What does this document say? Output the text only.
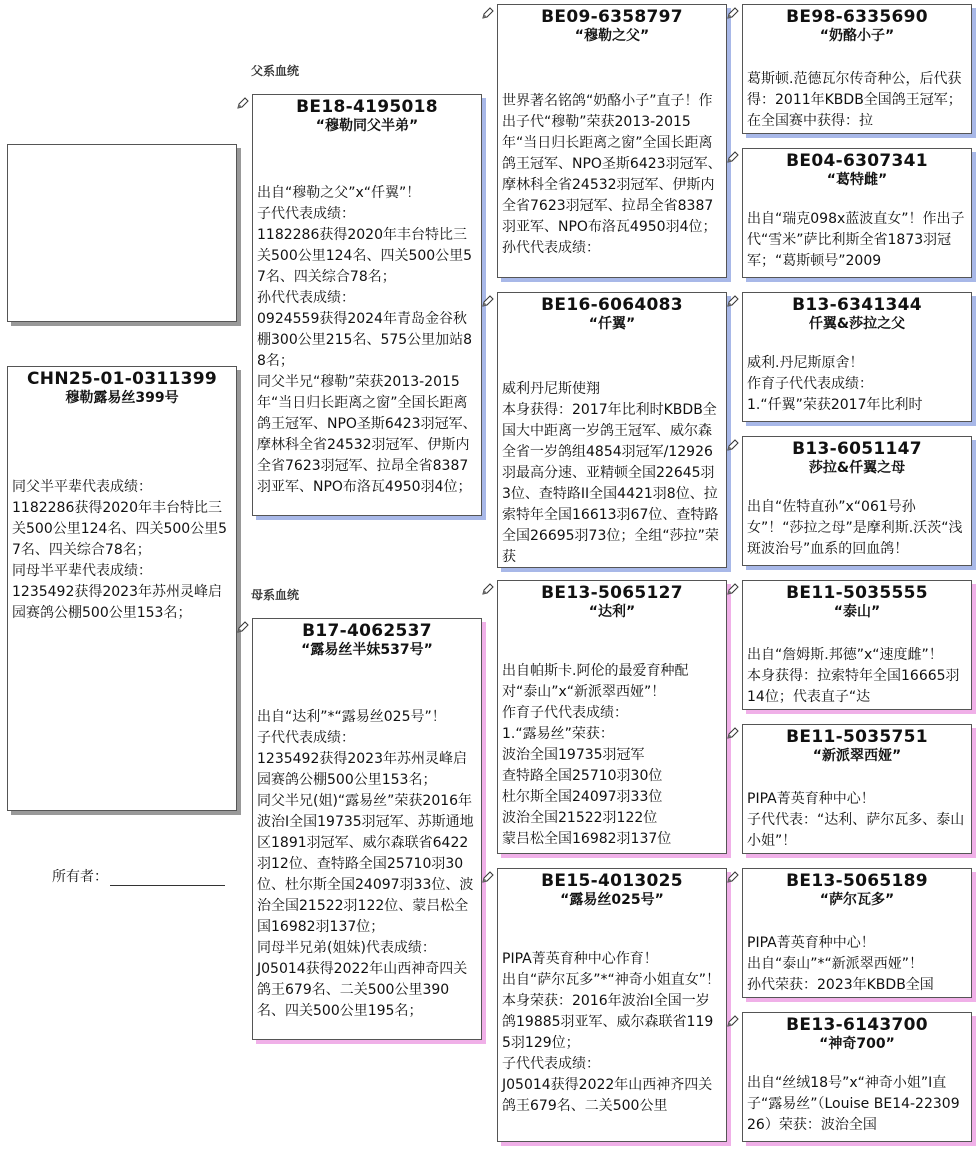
CHN25-01-0311399
穆勒露易丝399号
同父半平辈代表成绩：
1182286获得2020年丰台特比三关500公里124名、四关500公里57名、四关综合78名；
同母半平辈代表成绩：
1235492获得2023年苏州灵峰启园赛鸽公棚500公里153名；
所有者：
父系血统
母系血统
BE18-4195018
“穆勒同父半弟”
出自“穆勒之父”x“仟翼”！
子代代表成绩：
1182286获得2020年丰台特比三关500公里124名、四关500公里57名、四关综合78名；
孙代代表成绩：
0924559获得2024年青岛金谷秋棚300公里215名、575公里加站88名；
同父半兄“穆勒”荣获2013-2015年“当日归长距离之窗”全国长距离鸽王冠军、NPO圣斯6423羽冠军、摩林科全省24532羽冠军、伊斯内全省7623羽冠军、拉昂全省8387羽亚军、NPO布洛瓦4950羽4位；
B17-4062537
“露易丝半妹537号”
出自“达利”*“露易丝025号”！
子代代表成绩：
1235492获得2023年苏州灵峰启园赛鸽公棚500公里153名；
同父半兄(姐)“露易丝”荣获2016年波治I全国19735羽冠军、苏斯通地区1891羽冠军、威尔森联省6422羽12位、查特路全国25710羽30位、杜尔斯全国24097羽33位、波治全国21522羽122位、蒙吕松全国16982羽137位；
同母半兄弟(姐妹)代表成绩：
J05014获得2022年山西神奇四关鸽王679名、二关500公里390名、四关500公里195名；
BE09-6358797
“穆勒之父”
世界著名铭鸽“奶酪小子”直子！作出子代“穆勒”荣获2013-2015年“当日归长距离之窗”全国长距离鸽王冠军、NPO圣斯6423羽冠军、摩林科全省24532羽冠军、伊斯内全省7623羽冠军、拉昂全省8387羽亚军、NPO布洛瓦4950羽4位；
孙代代表成绩：
BE16-6064083
“仟翼”
威利丹尼斯使翔
本身获得：2017年比利时KBDB全国大中距离一岁鸽王冠军、威尔森全省一岁鸽组4854羽冠军/12926羽最高分速、亚精顿全国22645羽3位、查特路II全国4421羽8位、拉索特年全国16613羽67位、查特路全国26695羽73位；全组“莎拉”荣获
BE13-5065127
“达利”
出自帕斯卡.阿伦的最爱育种配对“泰山”x“新派翠西娅”！
作育子代代表成绩：
1.“露易丝”荣获：
波治全国19735羽冠军
查特路全国25710羽30位
杜尔斯全国24097羽33位
波治全国21522羽122位
蒙吕松全国16982羽137位
BE15-4013025
“露易丝025号”
PIPA菁英育种中心作育！
出自“萨尔瓦多”*“神奇小姐直女”！
本身荣获：2016年波治I全国一岁鸽19885羽亚军、威尔森联省1195羽129位；
子代代表成绩：
J05014获得2022年山西神齐四关鸽王679名、二关500公里
BE98-6335690
“奶酪小子”
葛斯顿.范德瓦尔传奇种公，后代获得：2011年KBDB全国鸽王冠军；在全国赛中获得：拉
BE04-6307341
“葛特雌”
出自“瑞克098x蓝波直女”！作出子代“雪米”萨比利斯全省1873羽冠军；“葛斯顿号”2009
B13-6341344
仟翼&莎拉之父
威利.丹尼斯原舍！
作育子代代表成绩：
1.“仟翼”荣获2017年比利时
B13-6051147
莎拉&仟翼之母
出自“佐特直孙”x“061号孙女”！“莎拉之母”是摩利斯.沃茨“浅斑波治号”血系的回血鸽！
BE11-5035555
“泰山”
出自“詹姆斯.邦德”x“速度雌”！
本身获得：拉索特年全国16665羽14位；代表直子“达
BE11-5035751
“新派翠西娅”
PIPA菁英育种中心！
子代代表：“达利、萨尔瓦多、泰山小姐”！
BE13-5065189
“萨尔瓦多”
PIPA菁英育种中心！
出自“泰山”*“新派翠西娅”！
孙代荣获：2023年KBDB全国
BE13-6143700
“神奇700”
出自“丝绒18号”x“神奇小姐”I直子“露易丝”（Louise BE14-2230926）荣获：波治全国
